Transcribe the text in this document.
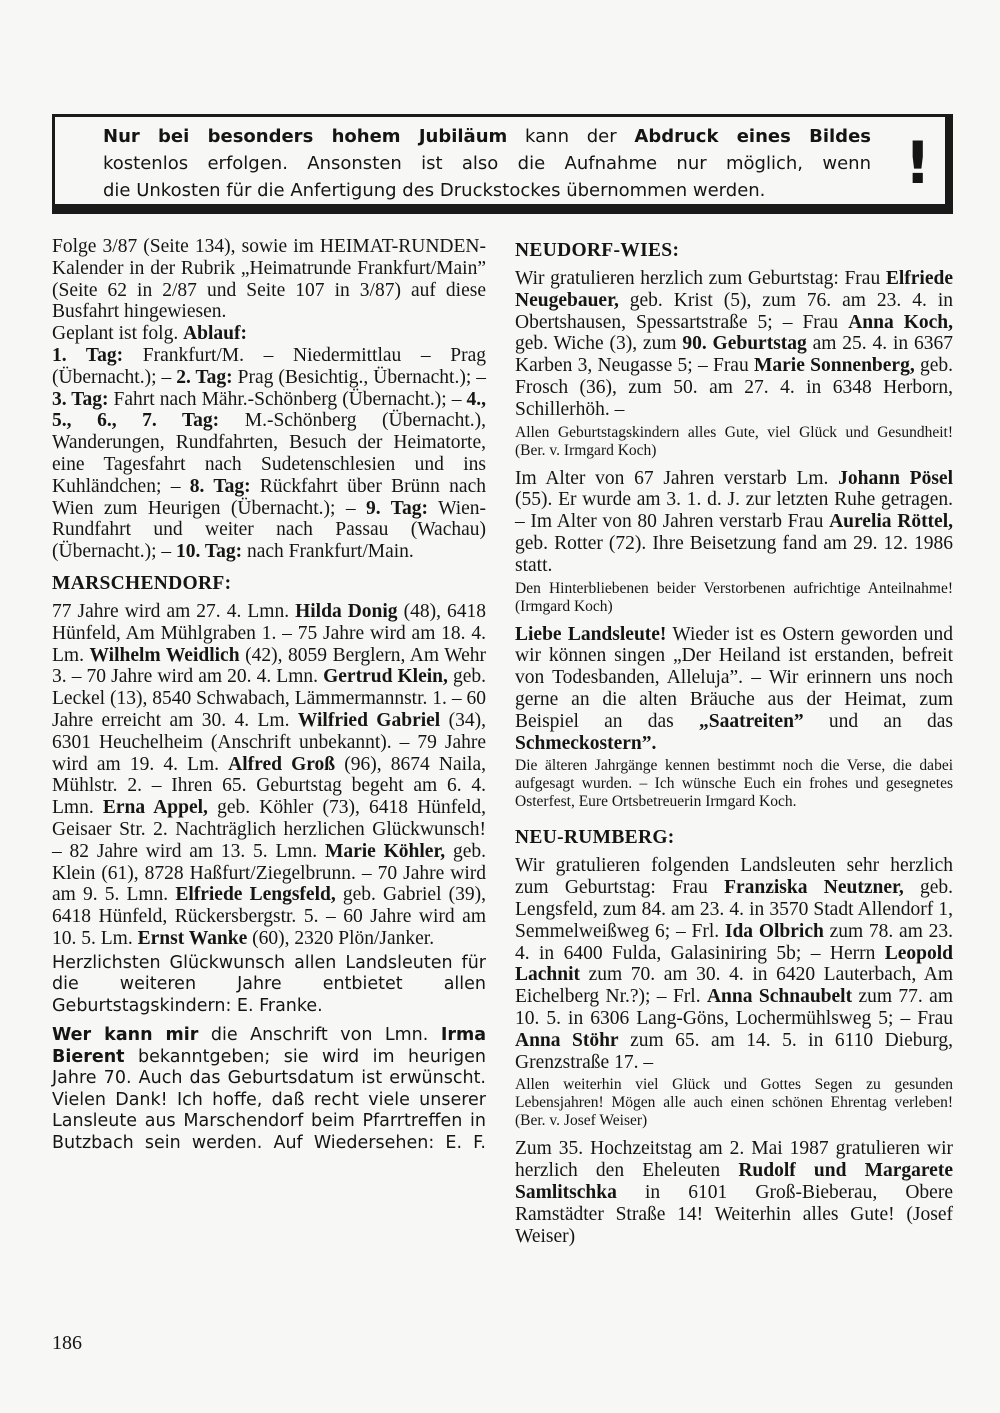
Nur bei besonders hohem Jubiläum kann der Abdruck eines Bildes
kostenlos erfolgen. Ansonsten ist also die Aufnahme nur möglich, wenn
die Unkosten für die Anfertigung des Druckstockes übernommen werden.	!

Folge 3/87 (Seite 134), sowie im HEIMAT-RUNDEN-Kalender in der Rubrik „Heimatrunde Frankfurt/Main” (Seite 62 in 2/87 und Seite 107 in 3/87) auf diese Busfahrt hingewiesen.

Geplant ist folg. Ablauf:

1. Tag: Frankfurt/M. – Niedermittlau – Prag (Übernacht.); – 2. Tag: Prag (Besichtig., Übernacht.); – 3. Tag: Fahrt nach Mähr.-Schönberg (Übernacht.); – 4., 5., 6., 7. Tag: M.-Schönberg (Übernacht.), Wanderungen, Rundfahrten, Besuch der Heimatorte, eine Tagesfahrt nach Sudetenschlesien und ins Kuhländchen; – 8. Tag: Rückfahrt über Brünn nach Wien zum Heurigen (Übernacht.); – 9. Tag: Wien-Rundfahrt und weiter nach Passau (Wachau) (Übernacht.); – 10. Tag: nach Frankfurt/Main.

MARSCHENDORF:

77 Jahre wird am 27. 4. Lmn. Hilda Donig (48), 6418 Hünfeld, Am Mühlgraben 1. – 75 Jahre wird am 18. 4. Lm. Wilhelm Weidlich (42), 8059 Berglern, Am Wehr 3. – 70 Jahre wird am 20. 4. Lmn. Gertrud Klein, geb. Leckel (13), 8540 Schwabach, Lämmermannstr. 1. – 60 Jahre erreicht am 30. 4. Lm. Wilfried Gabriel (34), 6301 Heuchelheim (Anschrift unbekannt). – 79 Jahre wird am 19. 4. Lm. Alfred Groß (96), 8674 Naila, Mühlstr. 2. – Ihren 65. Geburtstag begeht am 6. 4. Lmn. Erna Appel, geb. Köhler (73), 6418 Hünfeld, Geisaer Str. 2. Nachträglich herzlichen Glückwunsch! – 82 Jahre wird am 13. 5. Lmn. Marie Köhler, geb. Klein (61), 8728 Haßfurt/Ziegelbrunn. – 70 Jahre wird am 9. 5. Lmn. Elfriede Lengsfeld, geb. Gabriel (39), 6418 Hünfeld, Rückersbergstr. 5. – 60 Jahre wird am 10. 5. Lm. Ernst Wanke (60), 2320 Plön/Janker.

Herzlichsten Glückwunsch allen Landsleuten für die weiteren Jahre entbietet allen Geburtstagskindern: E. Franke.

Wer kann mir die Anschrift von Lmn. Irma Bierent bekanntgeben; sie wird im heurigen Jahre 70. Auch das Geburtsdatum ist erwünscht. Vielen Dank! Ich hoffe, daß recht viele unserer Lansleute aus Marschendorf beim Pfarrtreffen in Butzbach sein werden. Auf Wiedersehen: E. F.

NEUDORF-WIES:

Wir gratulieren herzlich zum Geburtstag: Frau Elfriede Neugebauer, geb. Krist (5), zum 76. am 23. 4. in Obertshausen, Spessartstraße 5; – Frau Anna Koch, geb. Wiche (3), zum 90. Geburtstag am 25. 4. in 6367 Karben 3, Neugasse 5; – Frau Marie Sonnenberg, geb. Frosch (36), zum 50. am 27. 4. in 6348 Herborn, Schillerhöh. –

Allen Geburtstagskindern alles Gute, viel Glück und Gesundheit! (Ber. v. Irmgard Koch)

Im Alter von 67 Jahren verstarb Lm. Johann Pösel (55). Er wurde am 3. 1. d. J. zur letzten Ruhe getragen. – Im Alter von 80 Jahren verstarb Frau Aurelia Röttel, geb. Rotter (72). Ihre Beisetzung fand am 29. 12. 1986 statt.

Den Hinterbliebenen beider Verstorbenen aufrichtige Anteilnahme! (Irmgard Koch)

Liebe Landsleute! Wieder ist es Ostern geworden und wir können singen „Der Heiland ist erstanden, befreit von Todesbanden, Alleluja”. – Wir erinnern uns noch gerne an die alten Bräuche aus der Heimat, zum Beispiel an das „Saatreiten” und an das Schmeckostern”.

Die älteren Jahrgänge kennen bestimmt noch die Verse, die dabei aufgesagt wurden. – Ich wünsche Euch ein frohes und gesegnetes Osterfest, Eure Ortsbetreuerin Irmgard Koch.

NEU-RUMBERG:

Wir gratulieren folgenden Landsleuten sehr herzlich zum Geburtstag: Frau Franziska Neutzner, geb. Lengsfeld, zum 84. am 23. 4. in 3570 Stadt Allendorf 1, Semmelweißweg 6; – Frl. Ida Olbrich zum 78. am 23. 4. in 6400 Fulda, Galasiniring 5b; – Herrn Leopold Lachnit zum 70. am 30. 4. in 6420 Lauterbach, Am Eichelberg Nr.?); – Frl. Anna Schnaubelt zum 77. am 10. 5. in 6306 Lang-Göns, Lochermühlsweg 5; – Frau Anna Stöhr zum 65. am 14. 5. in 6110 Dieburg, Grenzstraße 17. –

Allen weiterhin viel Glück und Gottes Segen zu gesunden Lebensjahren! Mögen alle auch einen schönen Ehrentag verleben! (Ber. v. Josef Weiser)

Zum 35. Hochzeitstag am 2. Mai 1987 gratulieren wir herzlich den Eheleuten Rudolf und Margarete Samlitschka in 6101 Groß-Bieberau, Obere Ramstädter Straße 14! Weiterhin alles Gute! (Josef Weiser)

186
